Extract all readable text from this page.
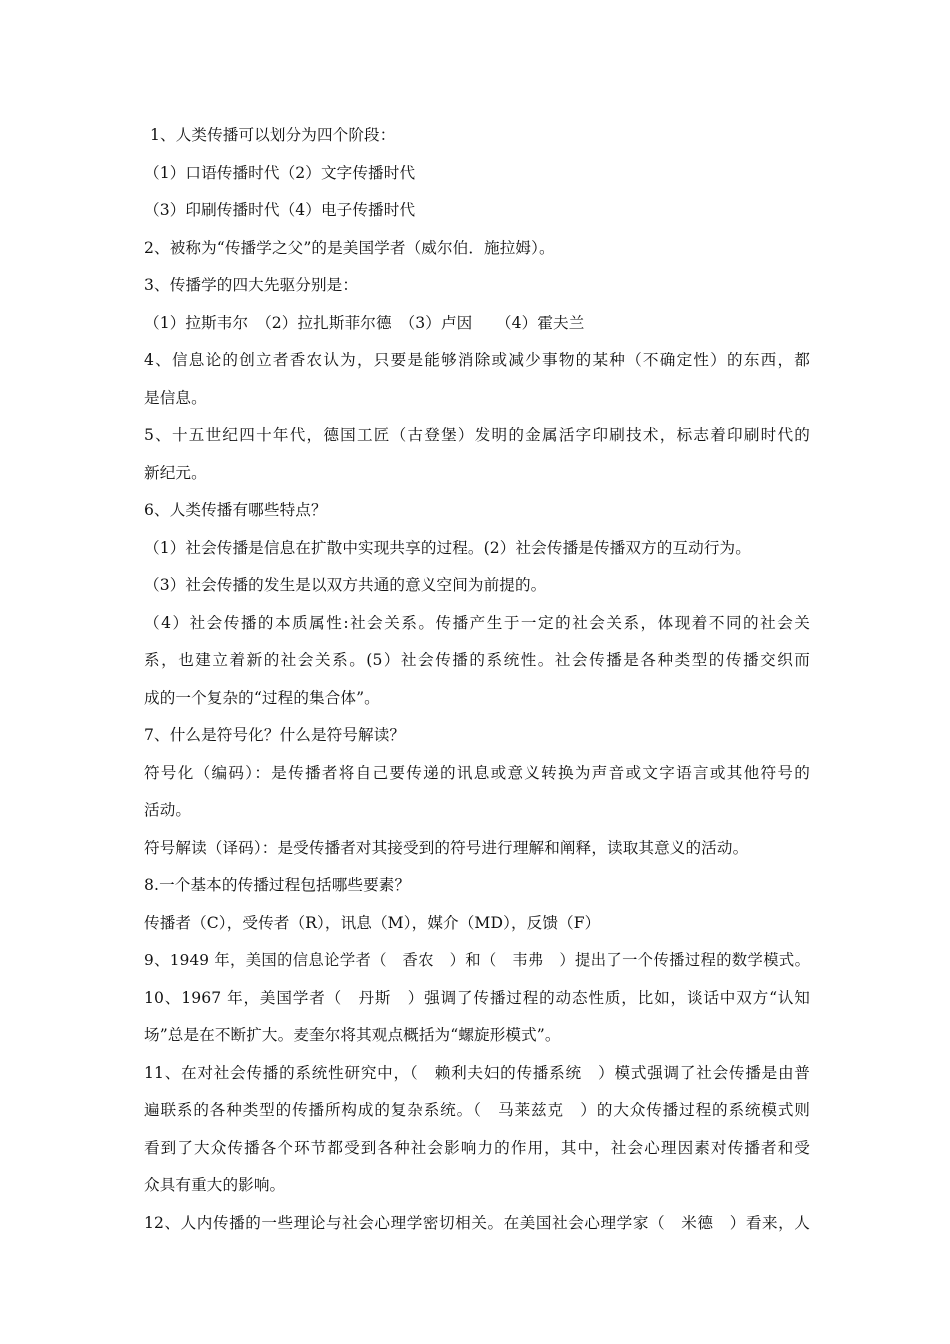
1、人类传播可以划分为四个阶段：
（1）口语传播时代（2）文字传播时代
（3）印刷传播时代（4）电子传播时代
2、被称为“传播学之父”的是美国学者（威尔伯．施拉姆）。
3、传播学的四大先驱分别是：
（1）拉斯韦尔　（2）拉扎斯菲尔德　（3）卢因　　（4）霍夫兰
4、信息论的创立者香农认为，只要是能够消除或减少事物的某种（不确定性）的东西，都
是信息。
5、十五世纪四十年代，德国工匠（古登堡）发明的金属活字印刷技术，标志着印刷时代的
新纪元。
6、人类传播有哪些特点？
（1）社会传播是信息在扩散中实现共享的过程。(2）社会传播是传播双方的互动行为。
（3）社会传播的发生是以双方共通的意义空间为前提的。
（4）社会传播的本质属性:社会关系。传播产生于一定的社会关系，体现着不同的社会关
系，也建立着新的社会关系。(5）社会传播的系统性。社会传播是各种类型的传播交织而
成的一个复杂的“过程的集合体”。
7、什么是符号化？什么是符号解读？
符号化（编码）：是传播者将自己要传递的讯息或意义转换为声音或文字语言或其他符号的
活动。
符号解读（译码）：是受传播者对其接受到的符号进行理解和阐释，读取其意义的活动。
8.一个基本的传播过程包括哪些要素？
传播者（C），受传者（R），讯息（M），媒介（MD），反馈（F）
9、1949 年，美国的信息论学者（　香农　）和（　韦弗　）提出了一个传播过程的数学模式。
10、1967 年，美国学者（　丹斯　）强调了传播过程的动态性质，比如，谈话中双方“认知
场”总是在不断扩大。麦奎尔将其观点概括为“螺旋形模式”。
11、在对社会传播的系统性研究中，（　赖利夫妇的传播系统　）模式强调了社会传播是由普
遍联系的各种类型的传播所构成的复杂系统。（　马莱兹克　）的大众传播过程的系统模式则
看到了大众传播各个环节都受到各种社会影响力的作用，其中，社会心理因素对传播者和受
众具有重大的影响。
12、人内传播的一些理论与社会心理学密切相关。在美国社会心理学家（　米德　）看来，人
